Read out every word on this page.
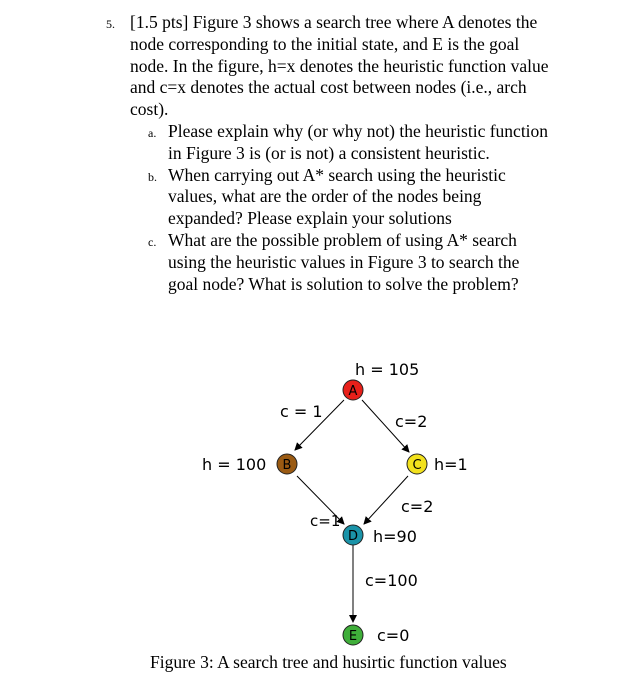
5. [1.5 pts] Figure 3 shows a search tree where A denotes the node corresponding to the initial state, and E is the goal node. In the figure, h=x denotes the heuristic function value and c=x denotes the actual cost between nodes (i.e., arch cost).
a. Please explain why (or why not) the heuristic function in Figure 3 is (or is not) a consistent heuristic.
b. When carrying out A* search using the heuristic values, what are the order of the nodes being expanded? Please explain your solutions
c. What are the possible problem of using A* search using the heuristic values in Figure 3 to search the goal node? What is solution to solve the problem?
A
B	C
D
E
h = 105
h = 100	h=1
h=90
c = 1
c=2
c=1
c=2
c=100
c=0
Figure 3: A search tree and husirtic function values
